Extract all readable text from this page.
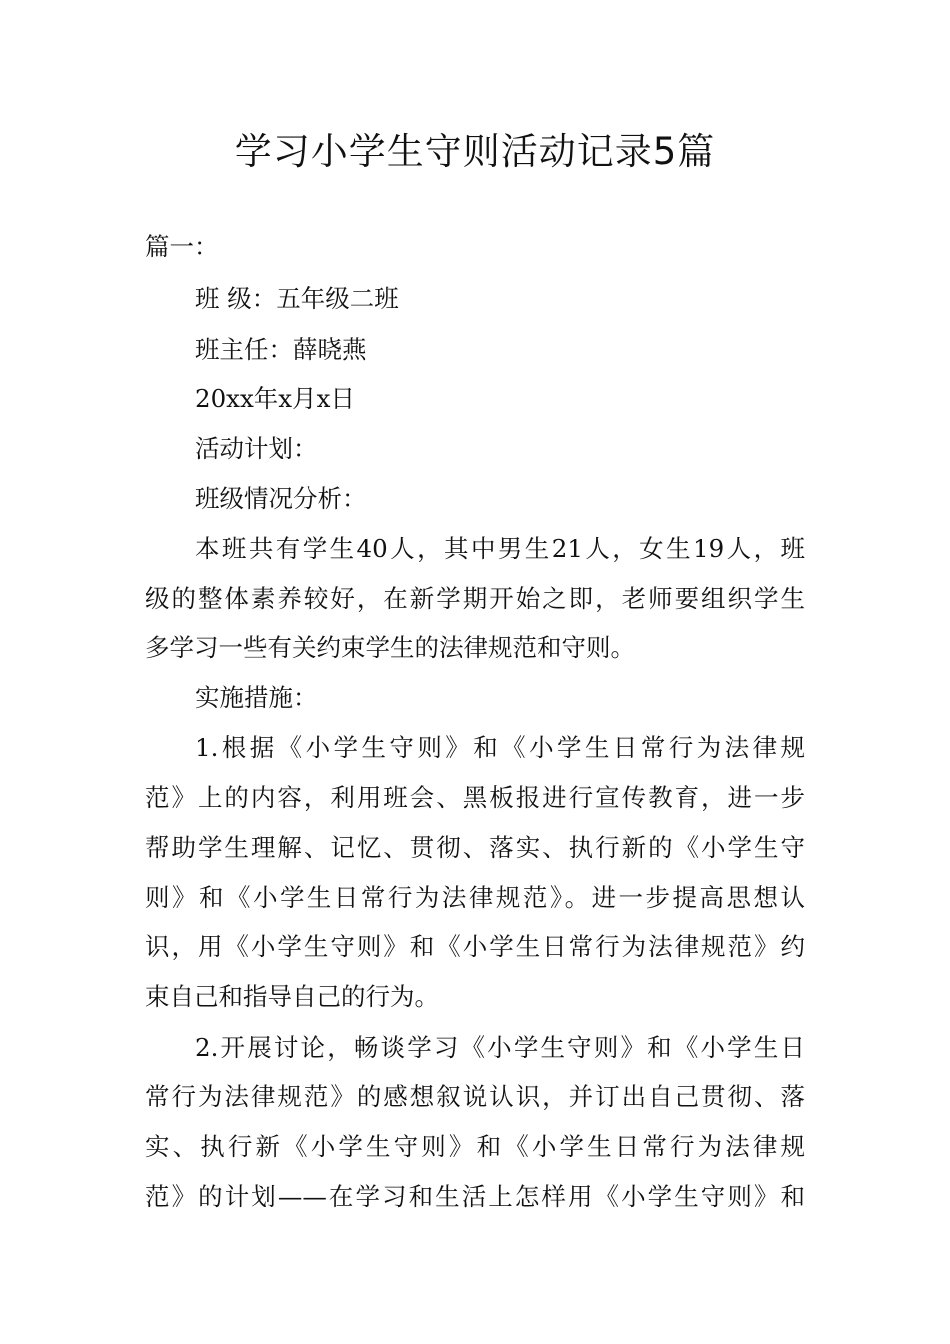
学习小学生守则活动记录5篇
篇一：
班 级：五年级二班
班主任：薛晓燕
20xx年x月x日
活动计划：
班级情况分析：
本班共有学生40人，其中男生21人，女生19人，班
级的整体素养较好，在新学期开始之即，老师要组织学生
多学习一些有关约束学生的法律规范和守则。
实施措施：
1.根据《小学生守则》和《小学生日常行为法律规
范》上的内容，利用班会、黑板报进行宣传教育，进一步
帮助学生理解、记忆、贯彻、落实、执行新的《小学生守
则》和《小学生日常行为法律规范》。进一步提高思想认
识，用《小学生守则》和《小学生日常行为法律规范》约
束自己和指导自己的行为。
2.开展讨论，畅谈学习《小学生守则》和《小学生日
常行为法律规范》的感想叙说认识，并订出自己贯彻、落
实、执行新《小学生守则》和《小学生日常行为法律规
范》的计划——在学习和生活上怎样用《小学生守则》和
